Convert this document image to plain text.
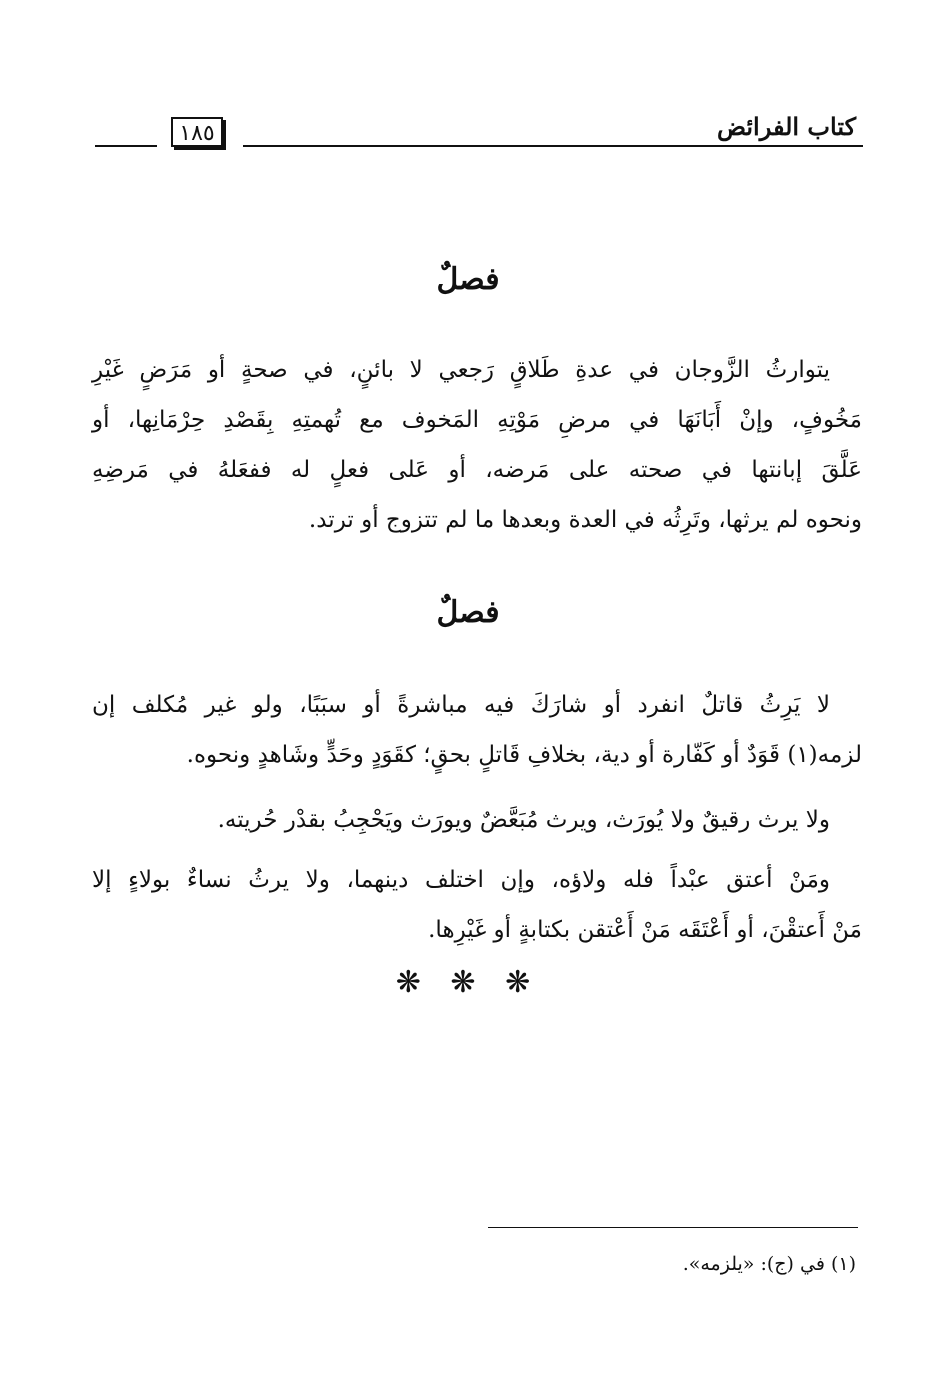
كتاب الفرائض
١٨٥
فصلٌ
يتوارثُ الزَّوجان في عدةِ طَلاقٍ رَجعي لا بائنٍ، في صحةٍ أو مَرَضٍ غَيْرِ
مَخُوفٍ، وإنْ أَبَانَهَا في مرضِ مَوْتِهِ المَخوف مع تُهمتِهِ بِقَصْدِ حِرْمَانِها، أو
عَلَّقَ إبانتها في صحته على مَرضه، أو عَلى فعلٍ له ففعَلهُ في مَرضِهِ
ونحوه لم يرثها، وتَرِثُه في العدة وبعدها ما لم تتزوج أو ترتد.
فصلٌ
لا يَرِثُ قاتلٌ انفرد أو شارَكَ فيه مباشرةً أو سبَبًا، ولو غير مُكلف إن
لزمه(١) قَوَدٌ أو كَفّارة أو دية، بخلافِ قَاتلٍ بحقٍ؛ كقَوَدٍ وحَدٍّ وشَاهدٍ ونحوه.
ولا يرث رقيقٌ ولا يُورَث، ويرث مُبَعَّضٌ ويورَث ويَحْجِبُ بقدْر حُريته.
ومَنْ أعتق عبْداً فله ولاؤه، وإن اختلف دينهما، ولا يرثُ نساءٌ بولاءٍ إلا
مَنْ أَعتقْنَ، أو أَعْتَقَه مَنْ أَعْتقن بكتابةٍ أو غَيْرِها.
❋ ❋ ❋
(١) في (ج): «يلزمه».
